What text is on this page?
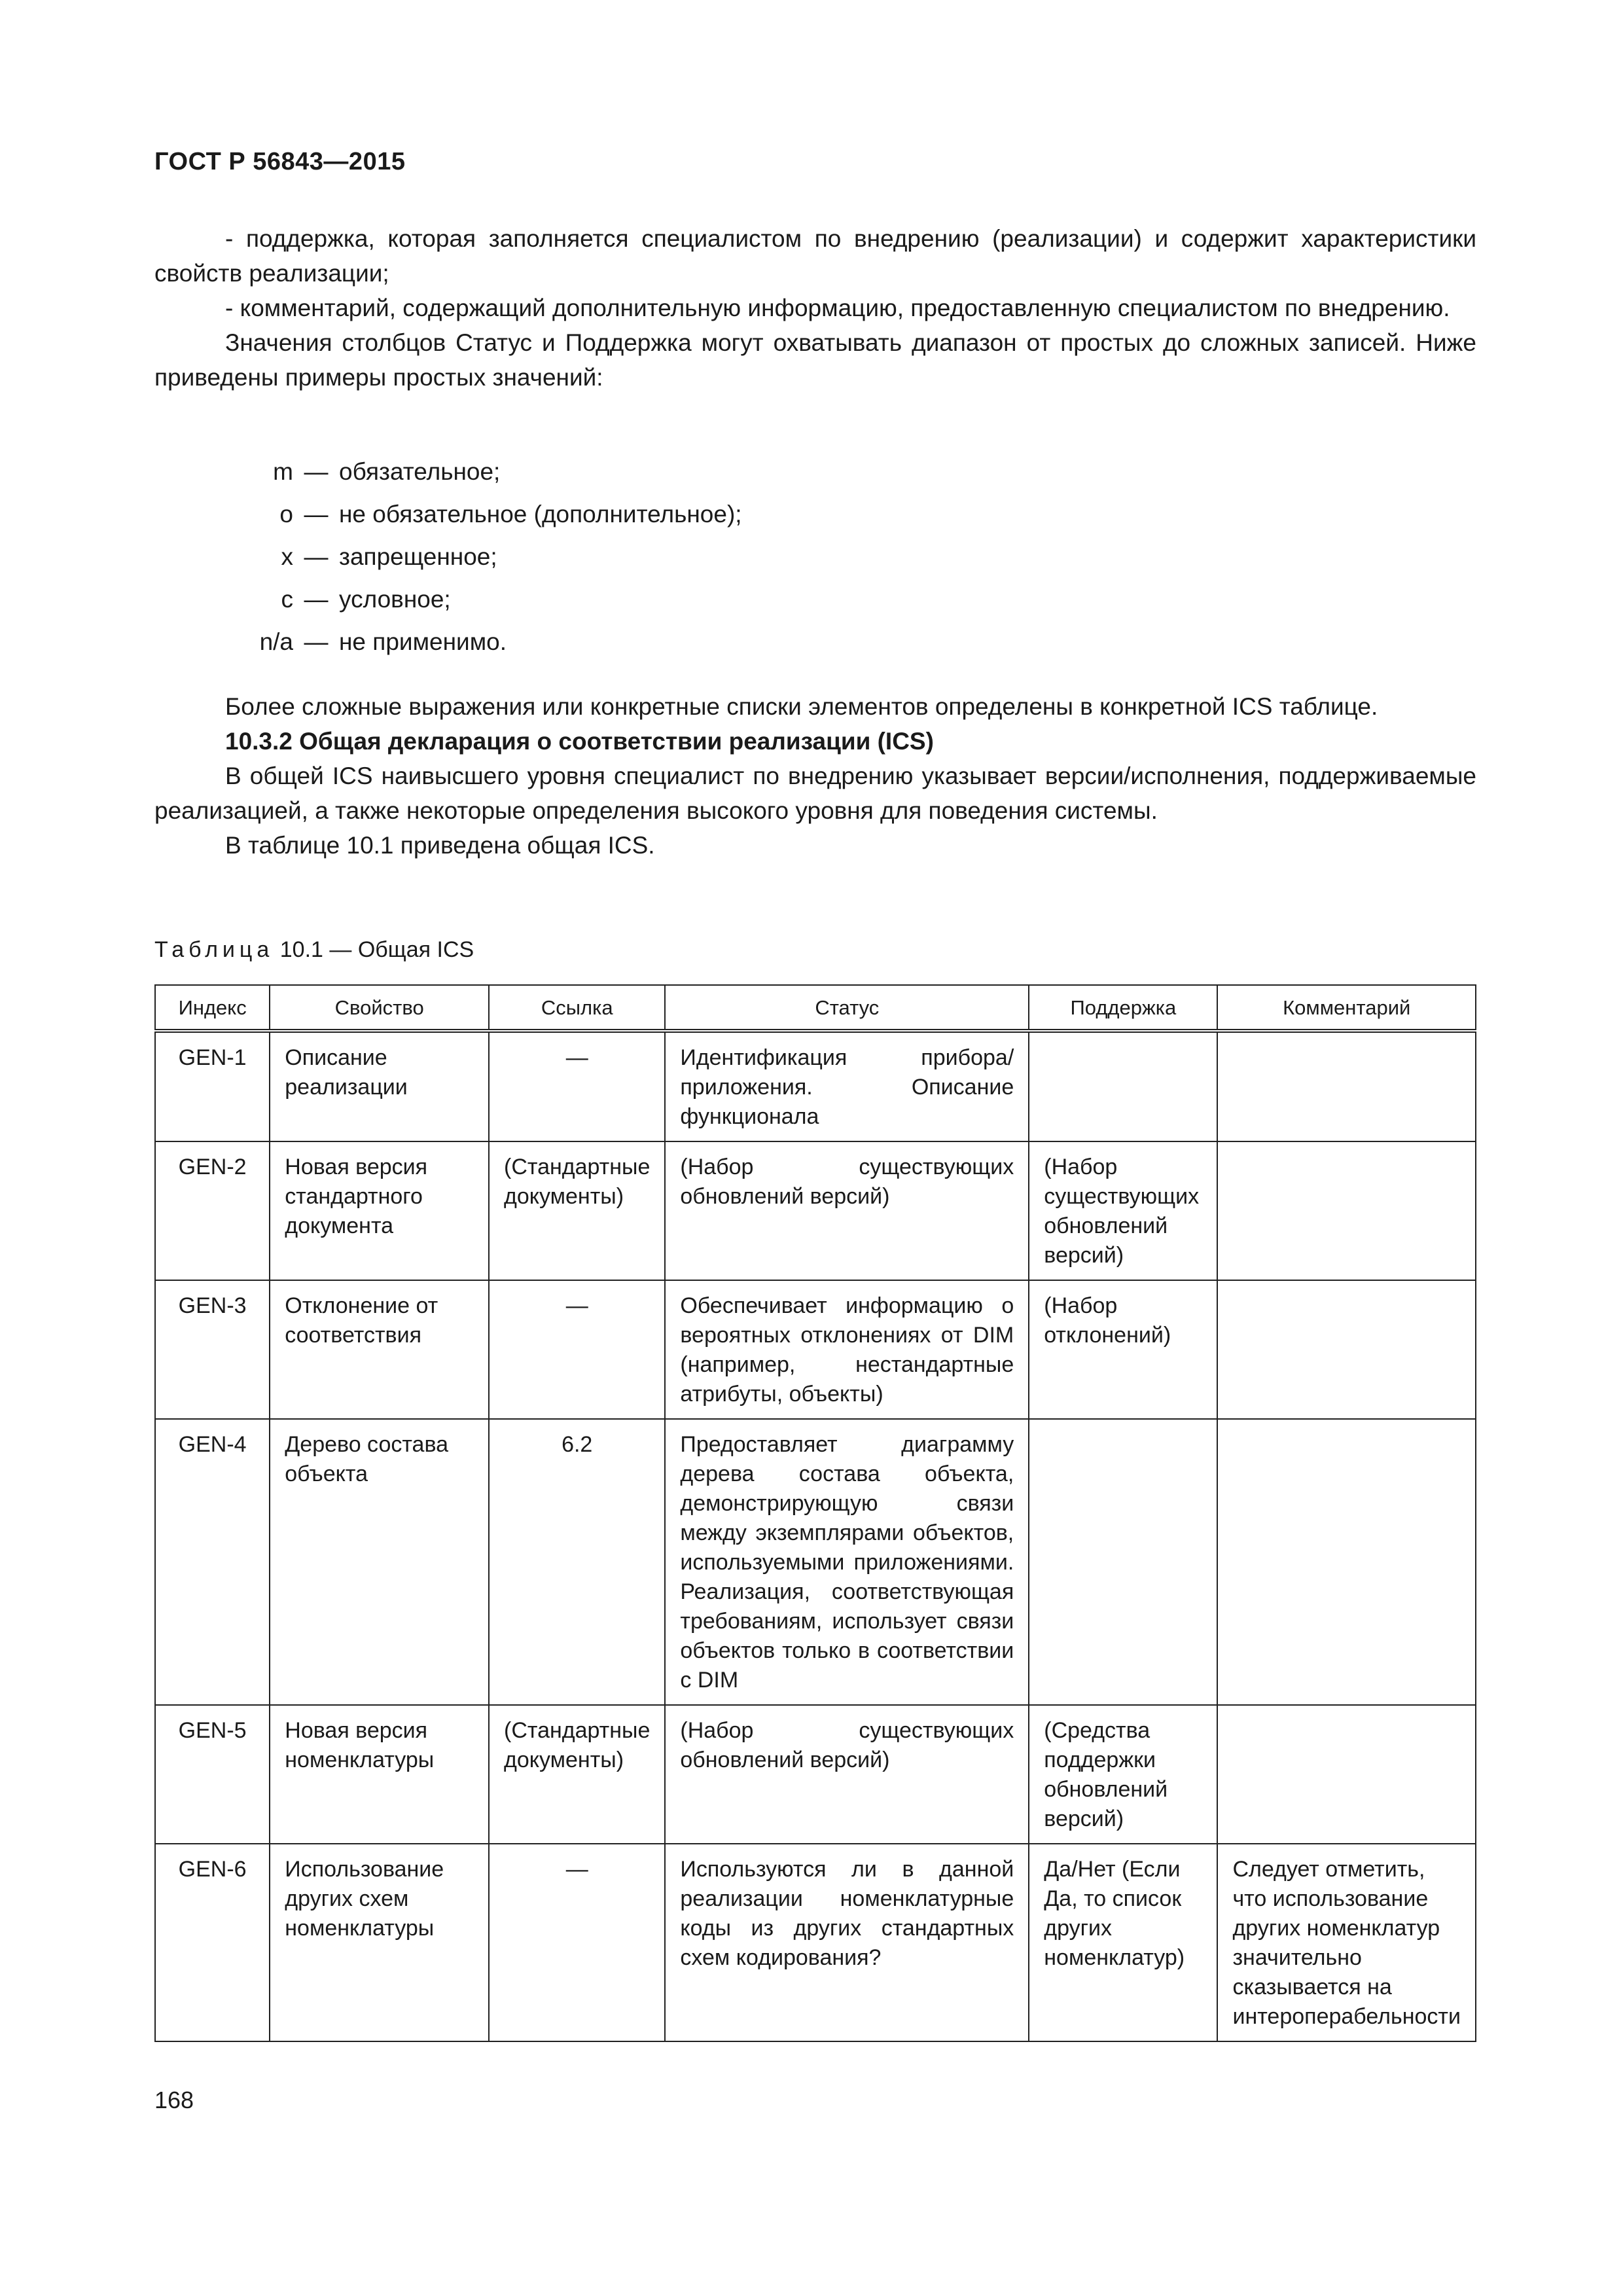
ГОСТ Р 56843—2015

- поддержка, которая заполняется специалистом по внедрению (реализации) и содержит характеристики свойств реализации;

- комментарий, содержащий дополнительную информацию, предоставленную специалистом по внедрению.

Значения столбцов Статус и Поддержка могут охватывать диапазон от простых до сложных записей. Ниже приведены примеры простых значений:

m — обязательное;
o — не обязательное (дополнительное);
x — запрещенное;
c — условное;
n/a — не применимо.

Более сложные выражения или конкретные списки элементов определены в конкретной ICS таблице.

10.3.2 Общая декларация о соответствии реализации (ICS)

В общей ICS наивысшего уровня специалист по внедрению указывает версии/исполнения, поддерживаемые реализацией, а также некоторые определения высокого уровня для поведения системы.

В таблице 10.1 приведена общая ICS.

Таблица 10.1 — Общая ICS
Индекс	Свойство	Ссылка	Статус	Поддержка	Комментарий
GEN-1	Описание реализации	—	Идентификация прибора/приложения. Описание функционала		
GEN-2	Новая версия стандартного документа	(Стандартные документы)	(Набор существующих обновлений версий)	(Набор существующих обновлений версий)	
GEN-3	Отклонение от соответствия	—	Обеспечивает информацию о вероятных отклонениях от DIM (например, нестандартные атрибуты, объекты)	(Набор отклонений)	
GEN-4	Дерево состава объекта	6.2	Предоставляет диаграмму дерева состава объекта, демонстрирующую связи между экземплярами объектов, используемыми приложениями. Реализация, соответствующая требованиям, использует связи объектов только в соответствии с DIM		
GEN-5	Новая версия номенклатуры	(Стандартные документы)	(Набор существующих обновлений версий)	(Средства поддержки обновлений версий)	
GEN-6	Использование других схем номенклатуры	—	Используются ли в данной реализации номенклатурные коды из других стандартных схем кодирования?	Да/Нет (Если Да, то список других номенклатур)	Следует отметить, что использование других номенклатур значительно сказывается на интероперабельности
168
